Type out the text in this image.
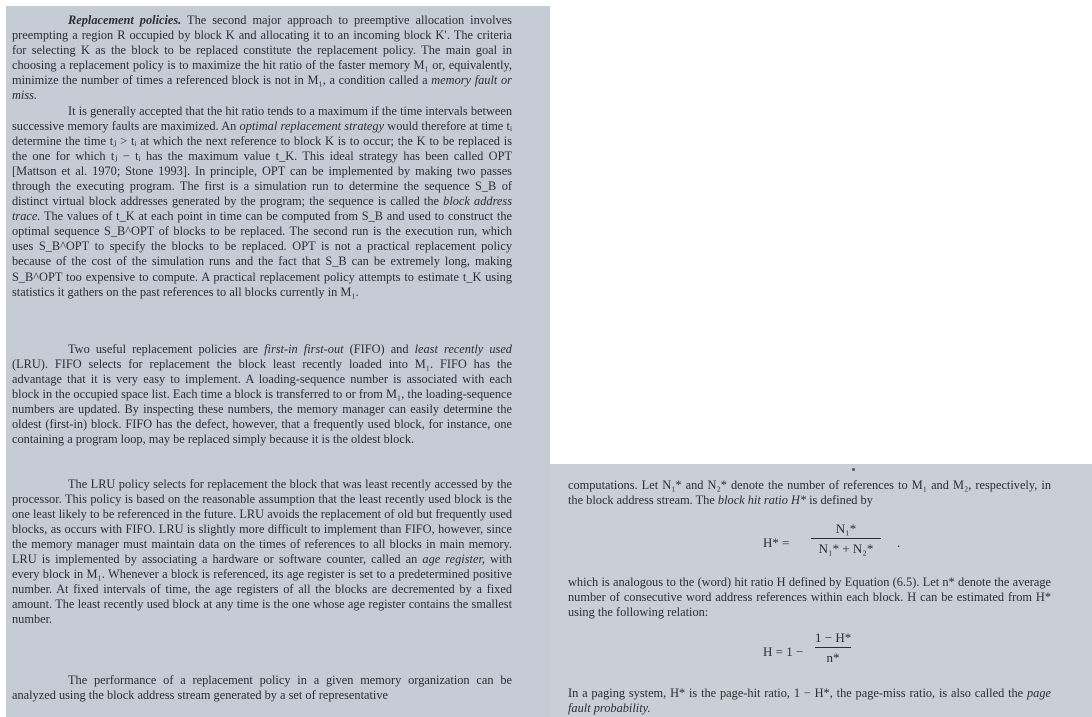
Replacement policies. The second major approach to preemptive allocation involves preempting a region R occupied by block K and allocating it to an incoming block K′. The criteria for selecting K as the block to be replaced constitute the replacement policy. The main goal in choosing a replacement policy is to maximize the hit ratio of the faster memory M₁ or, equivalently, minimize the number of times a referenced block is not in M₁, a condition called a memory fault or miss.

It is generally accepted that the hit ratio tends to a maximum if the time intervals between successive memory faults are maximized. An optimal replacement strategy would therefore at time tᵢ determine the time tⱼ > tᵢ at which the next reference to block K is to occur; the K to be replaced is the one for which tⱼ − tᵢ has the maximum value t_K. This ideal strategy has been called OPT [Mattson et al. 1970; Stone 1993]. In principle, OPT can be implemented by making two passes through the executing program. The first is a simulation run to determine the sequence S_B of distinct virtual block addresses generated by the program; the sequence is called the block address trace. The values of t_K at each point in time can be computed from S_B and used to construct the optimal sequence S_B^OPT of blocks to be replaced. The second run is the execution run, which uses S_B^OPT to specify the blocks to be replaced. OPT is not a practical replacement policy because of the cost of the simulation runs and the fact that S_B can be extremely long, making S_B^OPT too expensive to compute. A practical replacement policy attempts to estimate t_K using statistics it gathers on the past references to all blocks currently in M₁.

Two useful replacement policies are first-in first-out (FIFO) and least recently used (LRU). FIFO selects for replacement the block least recently loaded into M₁. FIFO has the advantage that it is very easy to implement. A loading-sequence number is associated with each block in the occupied space list. Each time a block is transferred to or from M₁, the loading-sequence numbers are updated. By inspecting these numbers, the memory manager can easily determine the oldest (first-in) block. FIFO has the defect, however, that a frequently used block, for instance, one containing a program loop, may be replaced simply because it is the oldest block.

The LRU policy selects for replacement the block that was least recently accessed by the processor. This policy is based on the reasonable assumption that the least recently used block is the one least likely to be referenced in the future. LRU avoids the replacement of old but frequently used blocks, as occurs with FIFO. LRU is slightly more difficult to implement than FIFO, however, since the memory manager must maintain data on the times of references to all blocks in main memory. LRU is implemented by associating a hardware or software counter, called an age register, with every block in M₁. Whenever a block is referenced, its age register is set to a predetermined positive number. At fixed intervals of time, the age registers of all the blocks are decremented by a fixed amount. The least recently used block at any time is the one whose age register contains the smallest number.

The performance of a replacement policy in a given memory organization can be analyzed using the block address stream generated by a set of representative

computations. Let N₁* and N₂* denote the number of references to M₁ and M₂, respectively, in the block address stream. The block hit ratio H* is defined by

H* =
N₁*
N₁* + N₂*	.

which is analogous to the (word) hit ratio H defined by Equation (6.5). Let n* denote the average number of consecutive word address references within each block. H can be estimated from H* using the following relation:

H = 1 −
1 − H*
n*

In a paging system, H* is the page-hit ratio, 1 − H*, the page-miss ratio, is also called the page fault probability.
